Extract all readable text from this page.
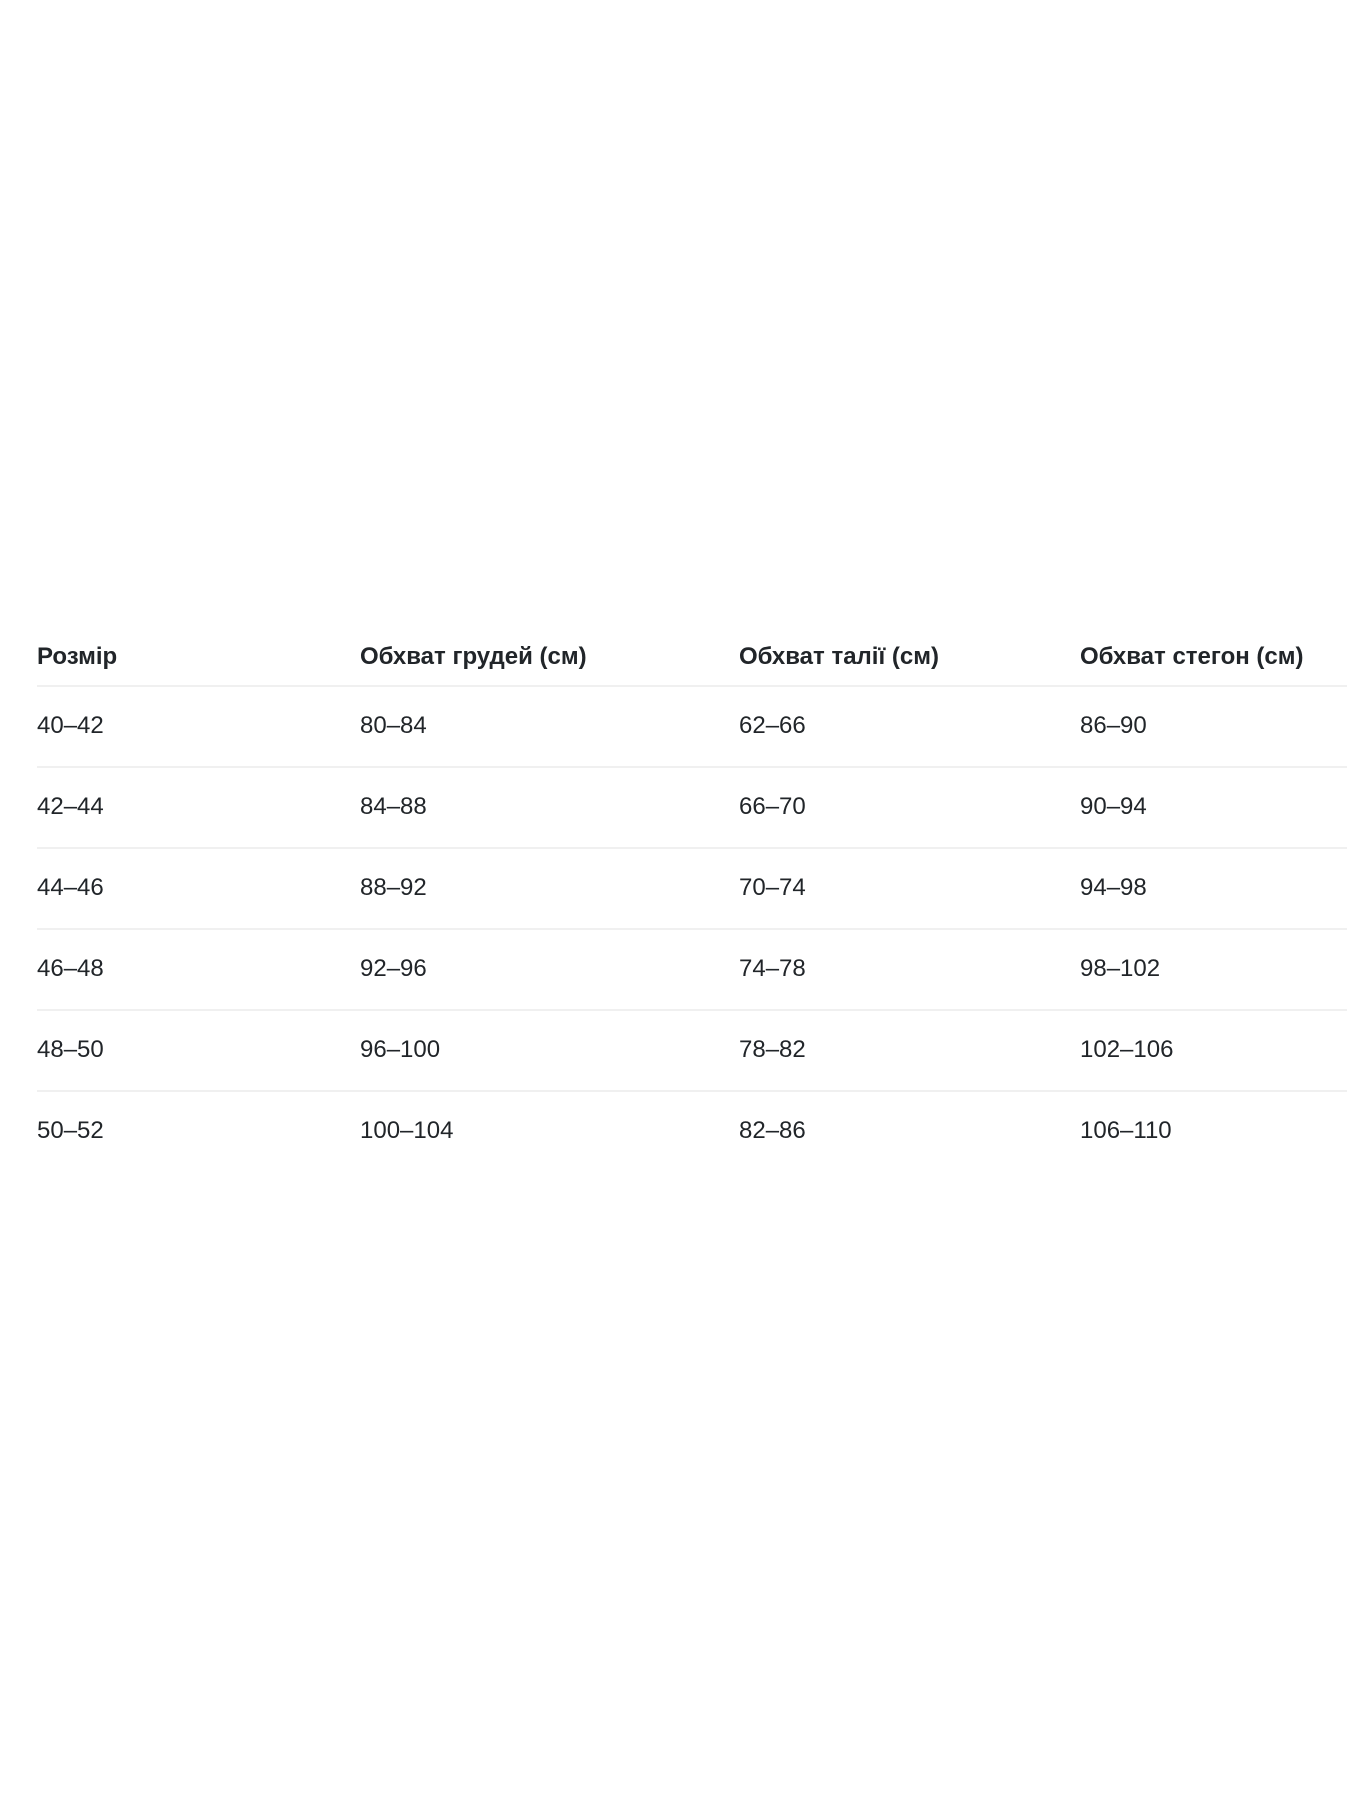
Розмір	Обхват грудей (см)	Обхват талії (см)	Обхват стегон (см)
40–42	80–84	62–66	86–90
42–44	84–88	66–70	90–94
44–46	88–92	70–74	94–98
46–48	92–96	74–78	98–102
48–50	96–100	78–82	102–106
50–52	100–104	82–86	106–110
